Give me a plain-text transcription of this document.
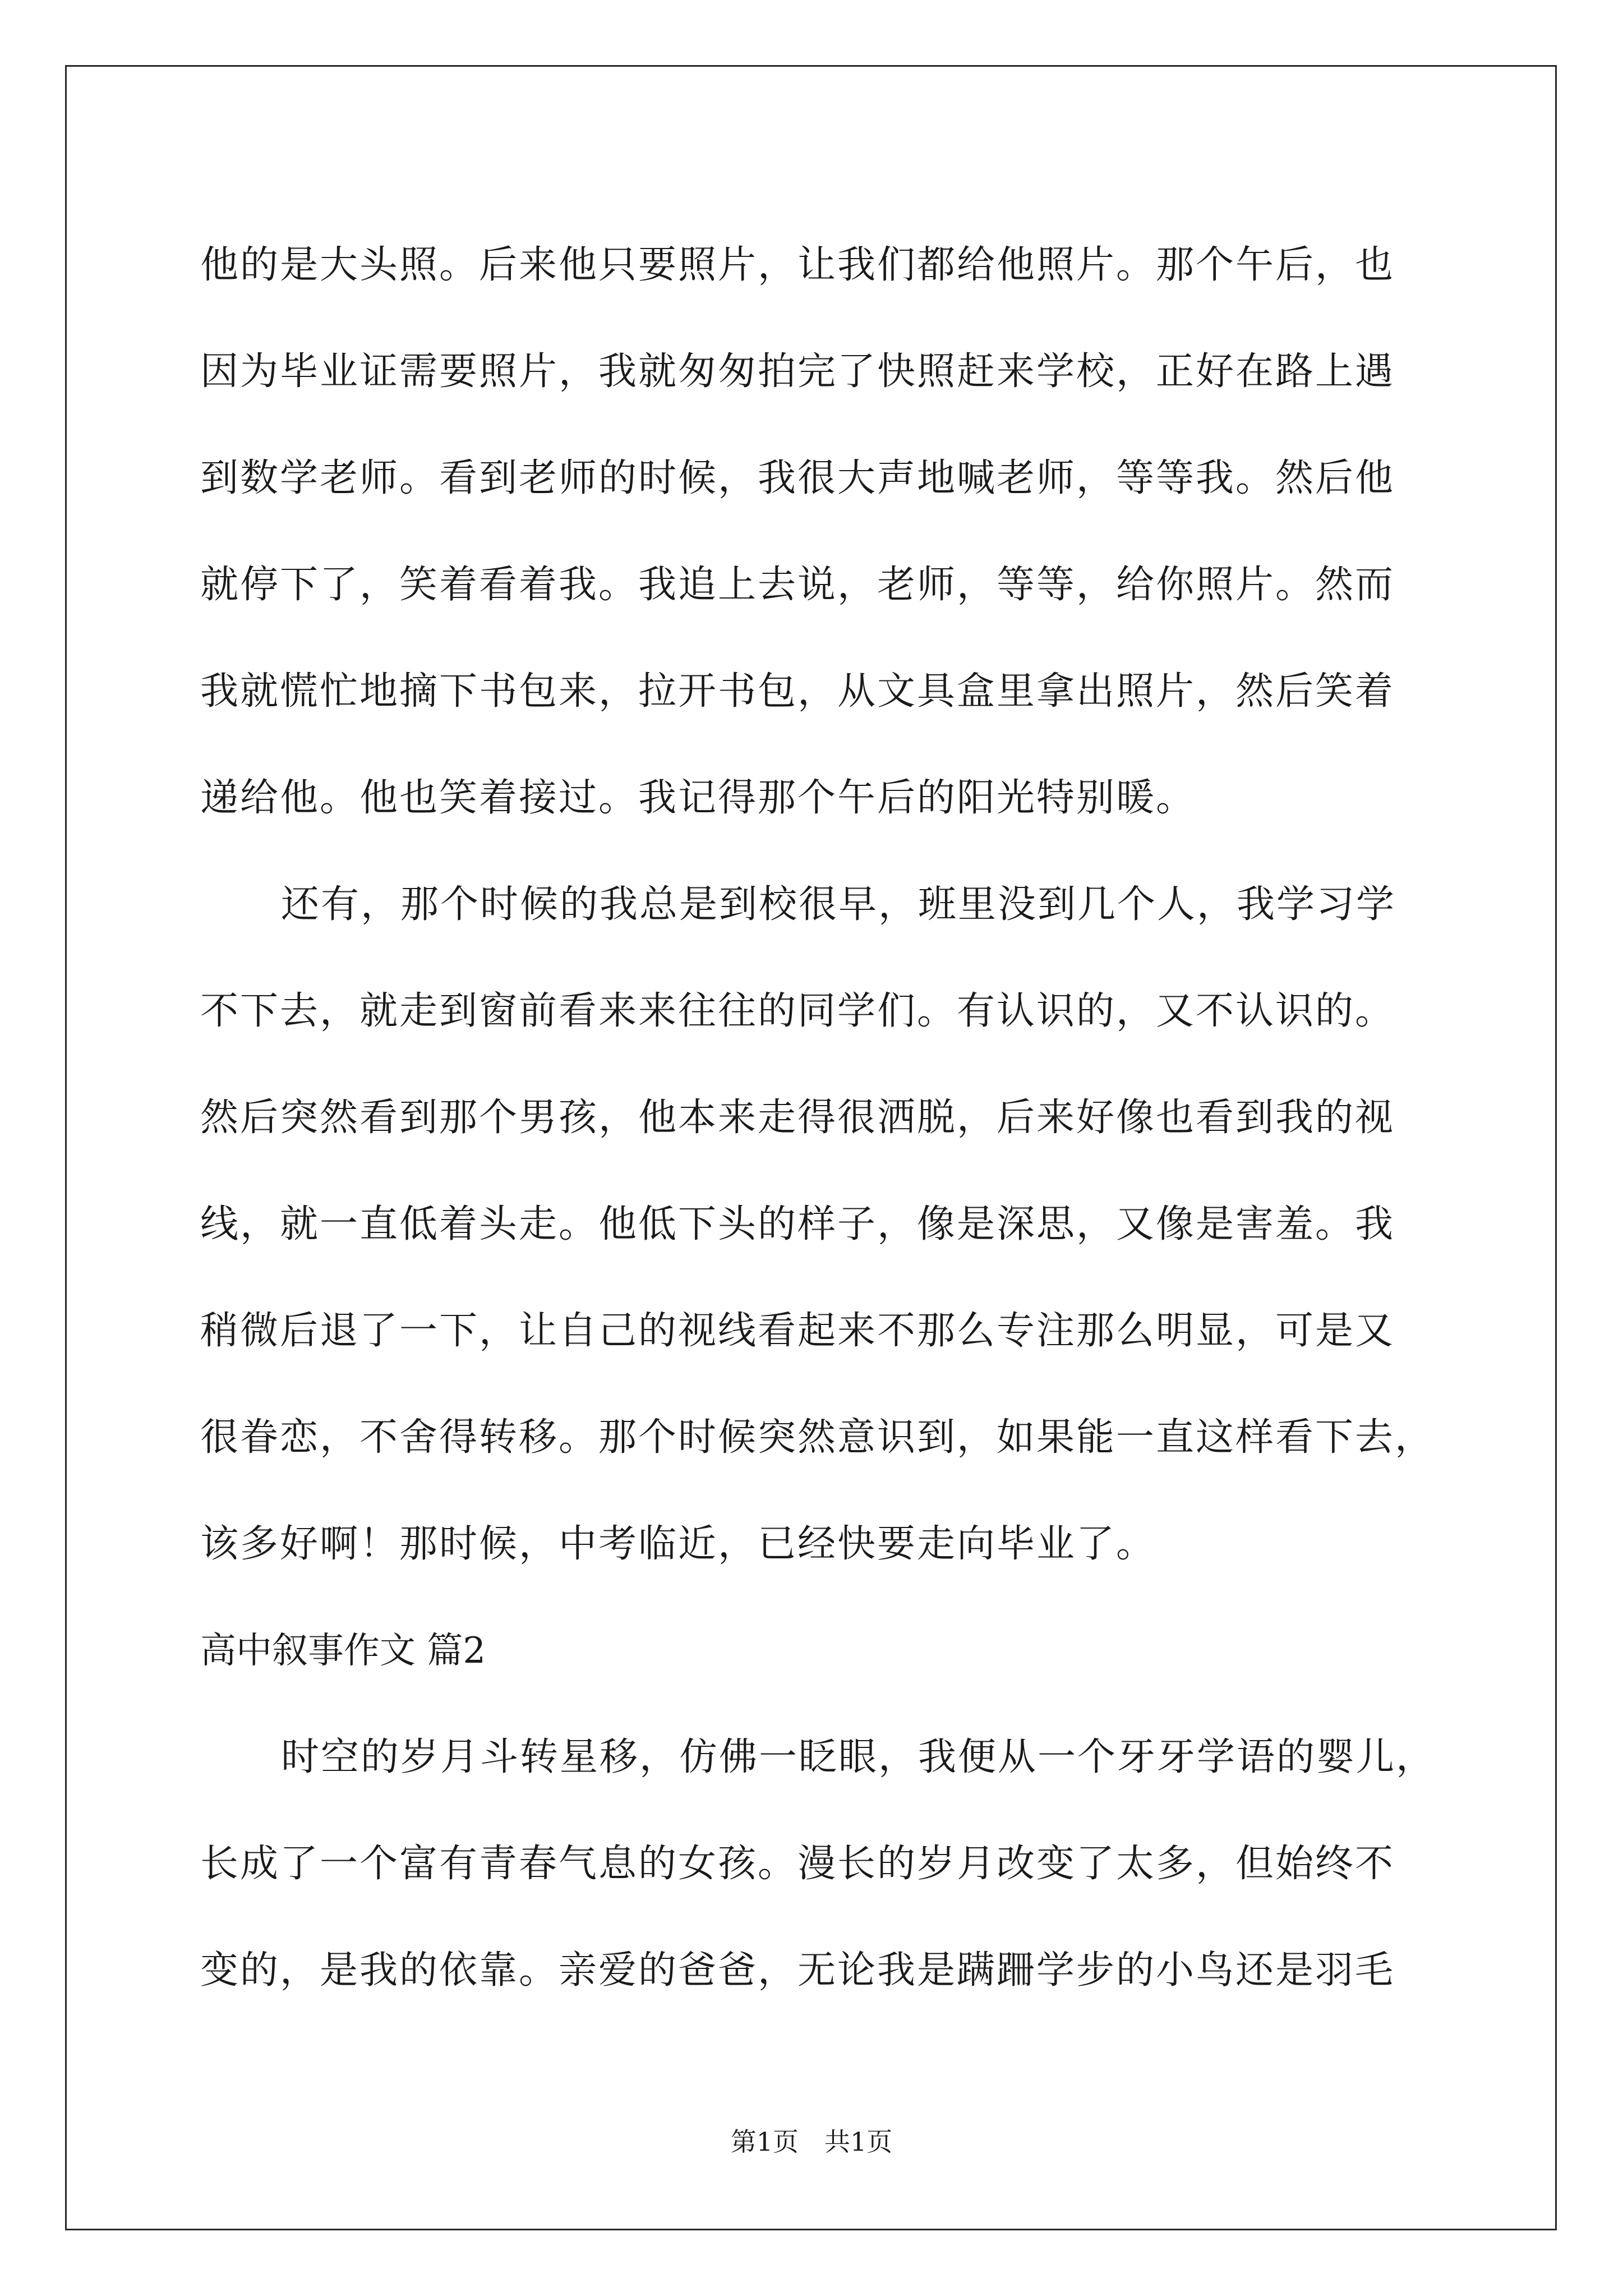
他的是大头照。后来他只要照片，让我们都给他照片。那个午后，也
因为毕业证需要照片，我就匆匆拍完了快照赶来学校，正好在路上遇
到数学老师。看到老师的时候，我很大声地喊老师，等等我。然后他
就停下了，笑着看着我。我追上去说，老师，等等，给你照片。然而
我就慌忙地摘下书包来，拉开书包，从文具盒里拿出照片，然后笑着
递给他。他也笑着接过。我记得那个午后的阳光特别暖。
还有，那个时候的我总是到校很早，班里没到几个人，我学习学
不下去，就走到窗前看来来往往的同学们。有认识的，又不认识的。
然后突然看到那个男孩，他本来走得很洒脱，后来好像也看到我的视
线，就一直低着头走。他低下头的样子，像是深思，又像是害羞。我
稍微后退了一下，让自己的视线看起来不那么专注那么明显，可是又
很眷恋，不舍得转移。那个时候突然意识到，如果能一直这样看下去，
该多好啊！那时候，中考临近，已经快要走向毕业了。
高中叙事作文 篇2
时空的岁月斗转星移，仿佛一眨眼，我便从一个牙牙学语的婴儿，
长成了一个富有青春气息的女孩。漫长的岁月改变了太多，但始终不
变的，是我的依靠。亲爱的爸爸，无论我是蹒跚学步的小鸟还是羽毛
第1页　共1页
